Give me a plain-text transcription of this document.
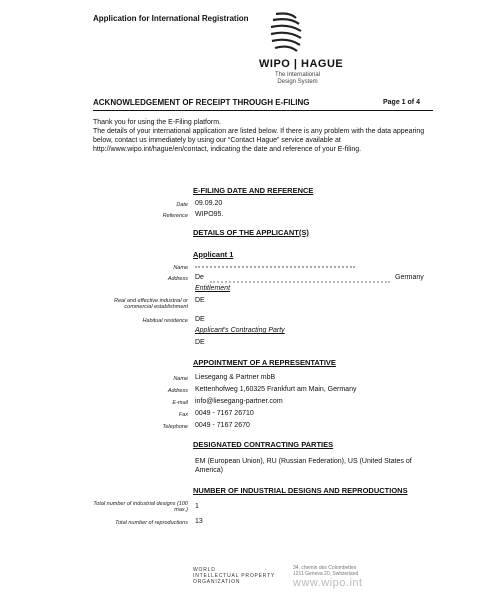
Application for International Registration
WIPO | HAGUE
The International
Design System
ACKNOWLEDGEMENT OF RECEIPT THROUGH E-FILING	Page 1 of 4

Thank you for using the E-Filing platform.

The details of your international application are listed below. If there is any problem with the data appearing below, contact us immediately by using our “Contact Hague” service available at http://www.wipo.int/hague/en/contact, indicating the date and reference of your E-filing.

E-FILING DATE AND REFERENCE
Date 09.09.20
Reference WIPO95.
DETAILS OF THE APPLICANT(S)
Applicant 1
Name
Address De	Germany
Entitlement
Real and effective industrial or commercial establishment
DE
Habitual residence DE
Applicant's Contracting Party
DE
APPOINTMENT OF A REPRESENTATIVE
Name Liesegang & Partner mbB
Address Kettenhofweg 1,60325 Frankfurt am Main, Germany
E-mail info@liesegang-partner.com
Fax 0049 - 7167 26710
Telephone 0049 - 7167 2670
DESIGNATED CONTRACTING PARTIES
EM (European Union), RU (Russian Federation), US (United States of America)
NUMBER OF INDUSTRIAL DESIGNS AND REPRODUCTIONS
Total number of industrial designs (100 max.) 1
Total number of reproductions 13
WORLD
INTELLECTUAL PROPERTY
ORGANIZATION
34, chemin des Colombettes
1211 Geneva 20, Switzerland
www.wipo.int
